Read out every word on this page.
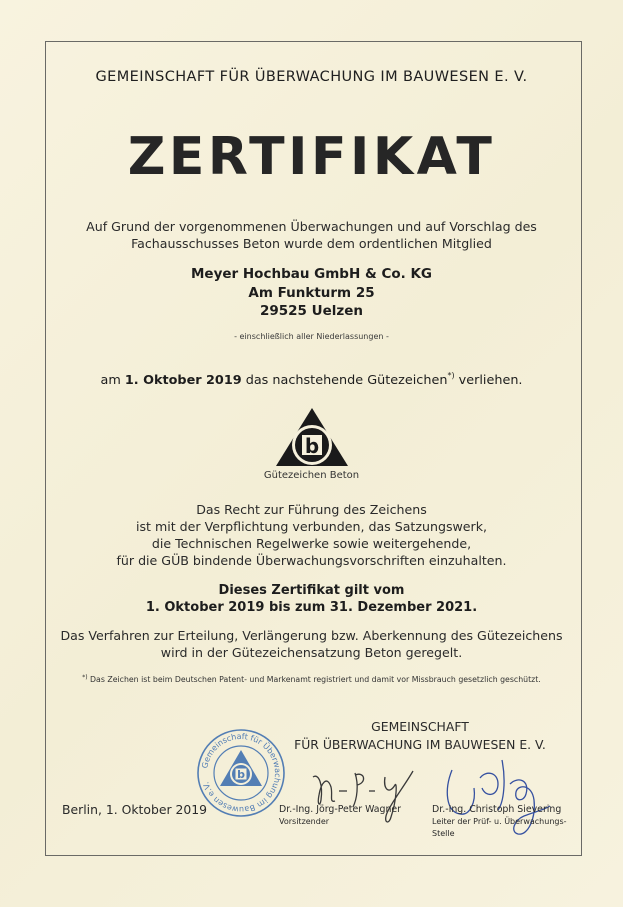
GEMEINSCHAFT FÜR ÜBERWACHUNG IM BAUWESEN E. V.
ZERTIFIKAT
Auf Grund der vorgenommenen Überwachungen und auf Vorschlag des
Fachausschusses Beton wurde dem ordentlichen Mitglied
Meyer Hochbau GmbH & Co. KG
Am Funkturm 25
29525 Uelzen
- einschließlich aller Niederlassungen -
am 1. Oktober 2019 das nachstehende Gütezeichen*) verliehen.
b
Gütezeichen Beton
Das Recht zur Führung des Zeichens
ist mit der Verpflichtung verbunden, das Satzungswerk,
die Technischen Regelwerke sowie weitergehende,
für die GÜB bindende Überwachungsvorschriften einzuhalten.
Dieses Zertifikat gilt vom
1. Oktober 2019 bis zum 31. Dezember 2021.
Das Verfahren zur Erteilung, Verlängerung bzw. Aberkennung des Gütezeichens
wird in der Gütezeichensatzung Beton geregelt.
*) Das Zeichen ist beim Deutschen Patent- und Markenamt registriert und damit vor Missbrauch gesetzlich geschützt.
GEMEINSCHAFT
FÜR ÜBERWACHUNG IM BAUWESEN E. V.
Gemeinschaft für Überwachung im Bauwesen e.V.
b
Berlin, 1. Oktober 2019	Dr.-Ing. Jörg-Peter Wagner
Vorsitzender
Dr.-Ing. Christoph Sievering
Leiter der Prüf- u. Überwachungs-
Stelle
